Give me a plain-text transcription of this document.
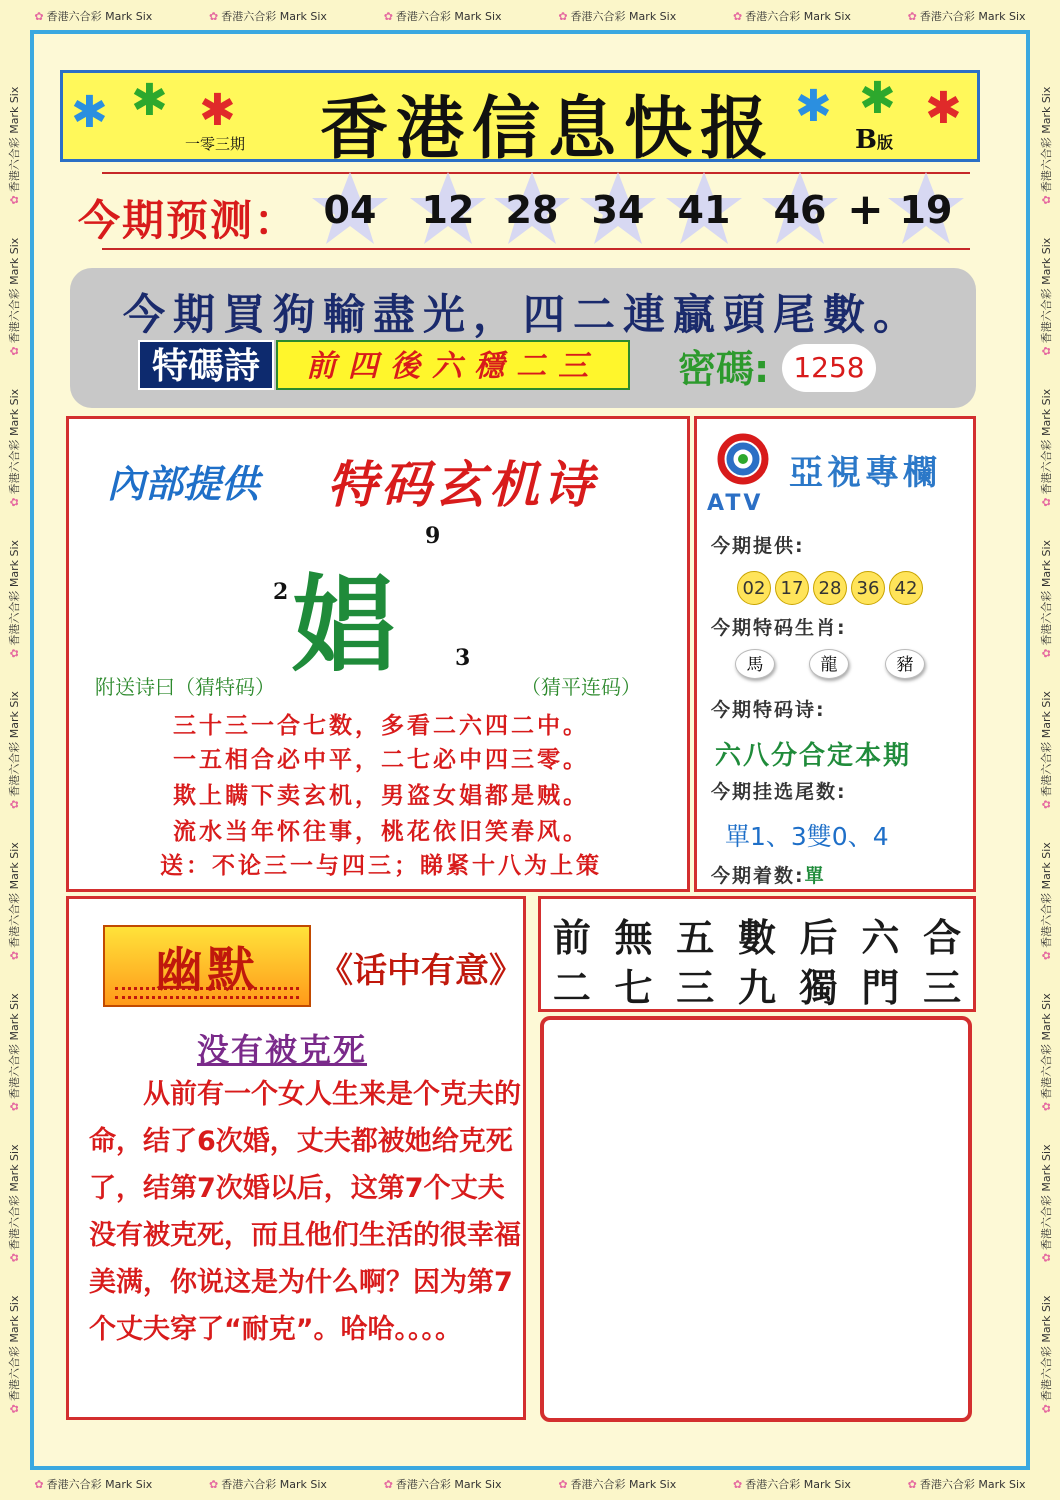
✿ 香港六合彩 Mark Six	✿ 香港六合彩 Mark Six	✿ 香港六合彩 Mark Six	✿ 香港六合彩 Mark Six	✿ 香港六合彩 Mark Six	✿ 香港六合彩 Mark Six
✿ 香港六合彩 Mark Six	✿ 香港六合彩 Mark Six	✿ 香港六合彩 Mark Six	✿ 香港六合彩 Mark Six	✿ 香港六合彩 Mark Six	✿ 香港六合彩 Mark Six
✿香港六合彩 Mark Six
✿香港六合彩 Mark Six
✿香港六合彩 Mark Six
✿香港六合彩 Mark Six
✿香港六合彩 Mark Six
✿香港六合彩 Mark Six
✿香港六合彩 Mark Six
✿香港六合彩 Mark Six
✿香港六合彩 Mark Six
✿香港六合彩 Mark Six
✿香港六合彩 Mark Six
✿香港六合彩 Mark Six
✿香港六合彩 Mark Six
✿香港六合彩 Mark Six
✿香港六合彩 Mark Six
✿香港六合彩 Mark Six
✿香港六合彩 Mark Six
✿香港六合彩 Mark Six
✱ ✱ ✱
一零三期	香港信息快报 ✱ ✱ ✱
B版
今期预测： 04	12 28 34 41	46 + 19
今期買狗輸盡光，四二連贏頭尾數。
特碼詩	前四後六穩二三	密碼: 1258
內部提供 特码玄机诗
9
2 娼	3
附送诗曰（猜特码）	（猜平连码）
三十三一合七数，多看二六四二中。
一五相合必中平，二七必中四三零。
欺上瞒下卖玄机，男盗女娼都是贼。
流水当年怀往事，桃花依旧笑春风。
送：不论三一与四三；睇紧十八为上策
ATV
亞視專欄
今期提供:
02 17 28 36 42
今期特码生肖:
馬	龍	豬
今期特码诗:
六八分合定本期
今期挂选尾数:
單1、3雙0、4
今期着数:單
幽默	《话中有意》
没有被克死
从前有一个女人生来是个克夫的命，结了6次婚，丈夫都被她给克死了，结第7次婚以后，这第7个丈夫没有被克死，而且他们生活的很幸福美满，你说这是为什么啊？因为第7个丈夫穿了“耐克”。哈哈。。。。
前 無 五 數 后 六 合
二 七 三 九 獨 門 三
